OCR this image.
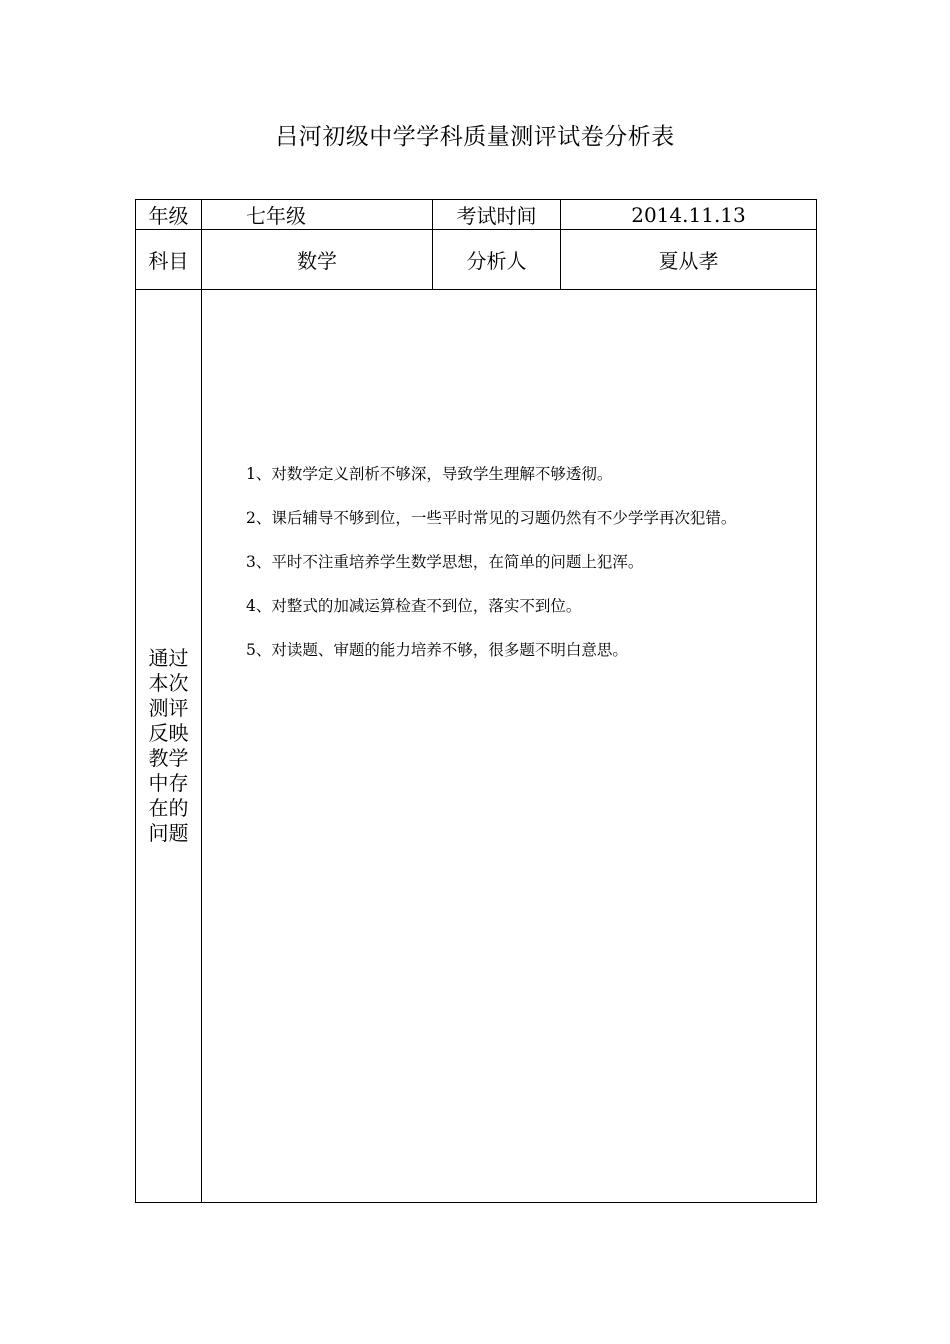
吕河初级中学学科质量测评试卷分析表
年级	七年级	考试时间	2014.11.13
科目	数学	分析人	夏从孝

通过本次测评反映教学中存在的问题	1、对数学定义剖析不够深，导致学生理解不够透彻。

2、课后辅导不够到位，一些平时常见的习题仍然有不少学学再次犯错。

3、平时不注重培养学生数学思想，在简单的问题上犯浑。

4、对整式的加减运算检查不到位，落实不到位。

5、对读题、审题的能力培养不够，很多题不明白意思。		
